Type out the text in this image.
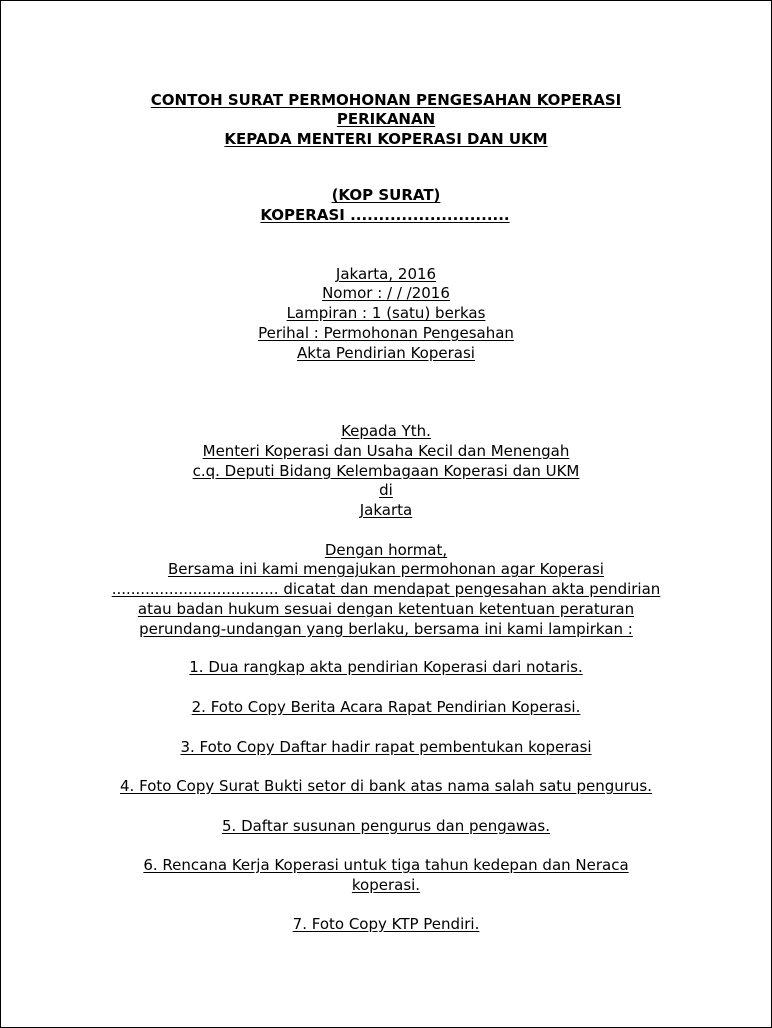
CONTOH SURAT PERMOHONAN PENGESAHAN KOPERASI
PERIKANAN
KEPADA MENTERI KOPERASI DAN UKM
(KOP SURAT)
KOPERASI ............................
Jakarta, 2016
Nomor : / / /2016
Lampiran : 1 (satu) berkas
Perihal : Permohonan Pengesahan
Akta Pendirian Koperasi
Kepada Yth.
Menteri Koperasi dan Usaha Kecil dan Menengah
c.q. Deputi Bidang Kelembagaan Koperasi dan UKM
di
Jakarta
Dengan hormat,
Bersama ini kami mengajukan permohonan agar Koperasi
................................... dicatat dan mendapat pengesahan akta pendirian
atau badan hukum sesuai dengan ketentuan ketentuan peraturan
perundang-undangan yang berlaku, bersama ini kami lampirkan :
1. Dua rangkap akta pendirian Koperasi dari notaris.
2. Foto Copy Berita Acara Rapat Pendirian Koperasi.
3. Foto Copy Daftar hadir rapat pembentukan koperasi
4. Foto Copy Surat Bukti setor di bank atas nama salah satu pengurus.
5. Daftar susunan pengurus dan pengawas.
6. Rencana Kerja Koperasi untuk tiga tahun kedepan dan Neraca
koperasi.
7. Foto Copy KTP Pendiri.
